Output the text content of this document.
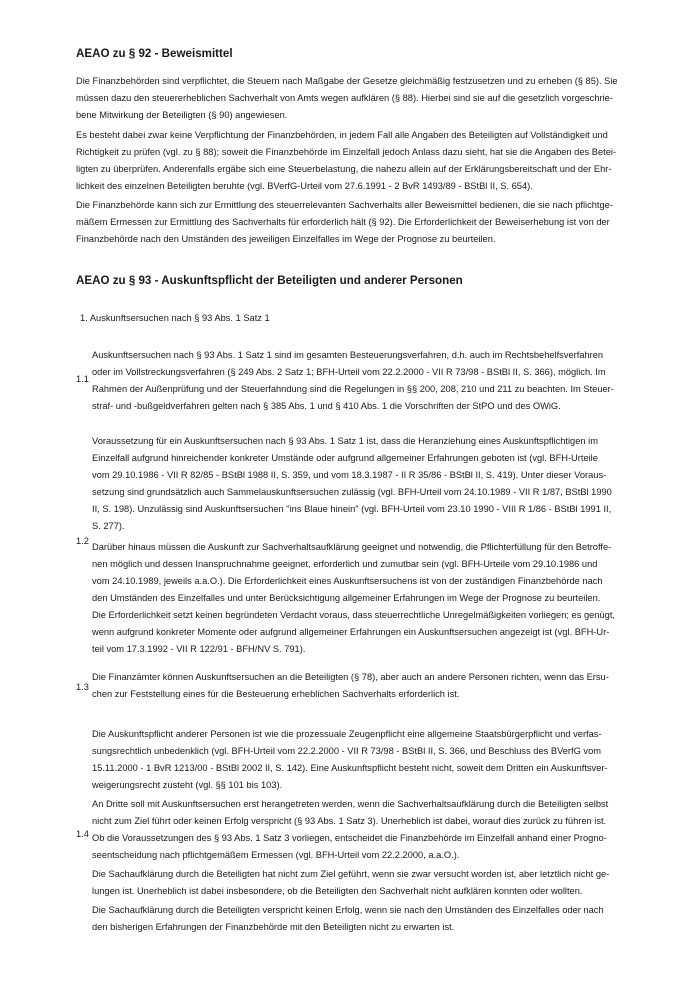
AEAO zu § 92 - Beweismittel
Die Finanzbehörden sind verpflichtet, die Steuern nach Maßgabe der Gesetze gleichmäßig festzusetzen und zu erheben (§ 85). Sie
müssen dazu den steuererheblichen Sachverhalt von Amts wegen aufklären (§ 88). Hierbei sind sie auf die gesetzlich vorgeschrie-
bene Mitwirkung der Beteiligten (§ 90) angewiesen.
Es besteht dabei zwar keine Verpflichtung der Finanzbehörden, in jedem Fall alle Angaben des Beteiligten auf Vollständigkeit und
Richtigkeit zu prüfen (vgl. zu § 88); soweit die Finanzbehörde im Einzelfall jedoch Anlass dazu sieht, hat sie die Angaben des Betei-
ligten zu überprüfen. Anderenfalls ergäbe sich eine Steuerbelastung, die nahezu allein auf der Erklärungsbereitschaft und der Ehr-
lichkeit des einzelnen Beteiligten beruhte (vgl. BVerfG-Urteil vom 27.6.1991 - 2 BvR 1493/89 - BStBl II, S. 654).
Die Finanzbehörde kann sich zur Ermittlung des steuerrelevanten Sachverhalts aller Beweismittel bedienen, die sie nach pflichtge-
mäßem Ermessen zur Ermittlung des Sachverhalts für erforderlich hält (§ 92). Die Erforderlichkeit der Beweiserhebung ist von der
Finanzbehörde nach den Umständen des jeweiligen Einzelfalles im Wege der Prognose zu beurteilen.
AEAO zu § 93 - Auskunftspflicht der Beteiligten und anderer Personen
1. Auskunftsersuchen nach § 93 Abs. 1 Satz 1
1.1
Auskunftsersuchen nach § 93 Abs. 1 Satz 1 sind im gesamten Besteuerungsverfahren, d.h. auch im Rechtsbehelfsverfahren
oder im Vollstreckungsverfahren (§ 249 Abs. 2 Satz 1; BFH-Urteil vom 22.2.2000 - VII R 73/98 - BStBl II, S. 366), möglich. Im
Rahmen der Außenprüfung und der Steuerfahndung sind die Regelungen in §§ 200, 208, 210 und 211 zu beachten. Im Steuer-
straf- und -bußgeldverfahren gelten nach § 385 Abs. 1 und § 410 Abs. 1 die Vorschriften der StPO und des OWiG.
1.2
Voraussetzung für ein Auskunftsersuchen nach § 93 Abs. 1 Satz 1 ist, dass die Heranziehung eines Auskunftspflichtigen im
Einzelfall aufgrund hinreichender konkreter Umstände oder aufgrund allgemeiner Erfahrungen geboten ist (vgl. BFH-Urteile
vom 29.10.1986 - VII R 82/85 - BStBl 1988 II, S. 359, und vom 18.3.1987 - II R 35/86 - BStBl II, S. 419). Unter dieser Voraus-
setzung sind grundsätzlich auch Sammelauskunftsersuchen zulässig (vgl. BFH-Urteil vom 24.10.1989 - VII R 1/87, BStBl 1990
II, S. 198). Unzulässig sind Auskunftsersuchen "ins Blaue hinein" (vgl. BFH-Urteil vom 23.10 1990 - VIII R 1/86 - BStBl 1991 II,
S. 277).
Darüber hinaus müssen die Auskunft zur Sachverhaltsaufklärung geeignet und notwendig, die Pflichterfüllung für den Betroffe-
nen möglich und dessen Inanspruchnahme geeignet, erforderlich und zumutbar sein (vgl. BFH-Urteile vom 29.10.1986 und
vom 24.10.1989, jeweils a.a.O.). Die Erforderlichkeit eines Auskunftsersuchens ist von der zuständigen Finanzbehörde nach
den Umständen des Einzelfalles und unter Berücksichtigung allgemeiner Erfahrungen im Wege der Prognose zu beurteilen.
Die Erforderlichkeit setzt keinen begründeten Verdacht voraus, dass steuerrechtliche Unregelmäßigkeiten vorliegen; es genügt,
wenn aufgrund konkreter Momente oder aufgrund allgemeiner Erfahrungen ein Auskunftsersuchen angezeigt ist (vgl. BFH-Ur-
teil vom 17.3.1992 - VII R 122/91 - BFH/NV S. 791).
1.3
Die Finanzämter können Auskunftsersuchen an die Beteiligten (§ 78), aber auch an andere Personen richten, wenn das Ersu-
chen zur Feststellung eines für die Besteuerung erheblichen Sachverhalts erforderlich ist.
1.4
Die Auskunftspflicht anderer Personen ist wie die prozessuale Zeugenpflicht eine allgemeine Staatsbürgerpflicht und verfas-
sungsrechtlich unbedenklich (vgl. BFH-Urteil vom 22.2.2000 - VII R 73/98 - BStBl II, S. 366, und Beschluss des BVerfG vom
15.11.2000 - 1 BvR 1213/00 - BStBl 2002 II, S. 142). Eine Auskunftspflicht besteht nicht, soweit dem Dritten ein Auskunftsver-
weigerungsrecht zusteht (vgl. §§ 101 bis 103).
An Dritte soll mit Auskunftsersuchen erst herangetreten werden, wenn die Sachverhaltsaufklärung durch die Beteiligten selbst
nicht zum Ziel führt oder keinen Erfolg verspricht (§ 93 Abs. 1 Satz 3). Unerheblich ist dabei, worauf dies zurück zu führen ist.
Ob die Voraussetzungen des § 93 Abs. 1 Satz 3 vorliegen, entscheidet die Finanzbehörde im Einzelfall anhand einer Progno-
seentscheidung nach pflichtgemäßem Ermessen (vgl. BFH-Urteil vom 22.2.2000, a.a.O.).
Die Sachaufklärung durch die Beteiligten hat nicht zum Ziel geführt, wenn sie zwar versucht worden ist, aber letztlich nicht ge-
lungen ist. Unerheblich ist dabei insbesondere, ob die Beteiligten den Sachverhalt nicht aufklären konnten oder wollten.
Die Sachaufklärung durch die Beteiligten verspricht keinen Erfolg, wenn sie nach den Umständen des Einzelfalles oder nach
den bisherigen Erfahrungen der Finanzbehörde mit den Beteiligten nicht zu erwarten ist.
